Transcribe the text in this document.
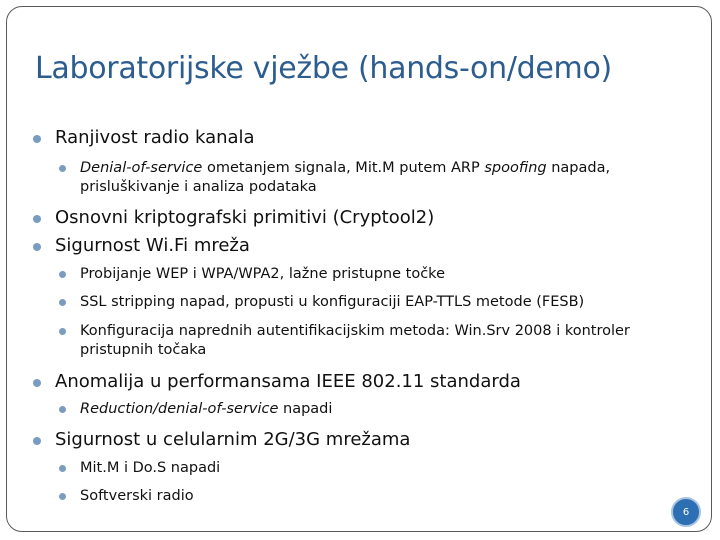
Laboratorijske vježbe (hands-on/demo)
Ranjivost radio kanala
Denial-of-service ometanjem signala, Mit.M putem ARP spoofing napada, prisluškivanje i analiza podataka
Osnovni kriptografski primitivi (Cryptool2)
Sigurnost Wi.Fi mreža
Probijanje WEP i WPA/WPA2, lažne pristupne točke
SSL stripping napad, propusti u konfiguraciji EAP-TTLS metode (FESB)
Konfiguracija naprednih autentifikacijskim metoda: Win.Srv 2008 i kontroler pristupnih točaka
Anomalija u performansama IEEE 802.11 standarda
Reduction/denial-of-service napadi
Sigurnost u celularnim 2G/3G mrežama
Mit.M i Do.S napadi
Softverski radio
6
